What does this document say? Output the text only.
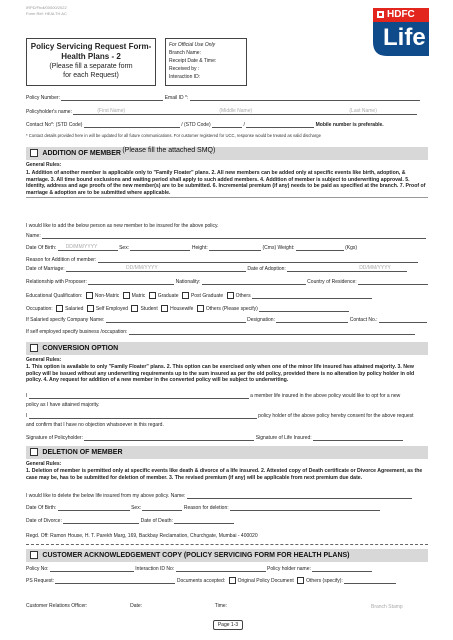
IRPD/Fbdl/00000/2022
Form Ref: HEALTH AC
Policy Servicing Request Form-
Health Plans - 2
(Please fill a separate form
for each Request)
For Official Use Only
Branch Name:
Receipt Date & Time:
Received by :
Interaction ID:
HDFC
Life
Policy Number:	Email ID *:
Policyholder's name:	(First Name)	(Middle Name)	(Last Name)
Contact No*: (STD Code)	/ (STD Code)	/	Mobile number is preferable.
* Contact details provided here in will be updated for all future communications. For customer registered for UCC, response would be treated as valid discharge
ADDITION OF MEMBER (Please fill the attached SMQ)
General Rules:
1. Addition of another member is applicable only to "Family Floater" plans. 2. All new members can be added only at specific events like birth, adoption, & marriage. 3. All time bound exclusions and waiting period shall apply to such added members. 4. Addition of member is subject to underwriting approval. 5. Identity, address and age proofs of the new member(s) are to be submitted. 6. Incremental premium (if any) needs to be paid as specified at the branch. 7. Proof of marriage & adoption are to be submitted where applicable.
I would like to add the below person as new member to be insured for the above policy.
Name:
Date Of Birth: DD/MM/YYYY	Sex:	Height:	(Cms) Weight:	(Kgs)
Reason for Addition of member:
Date of Marriage:	DD/MM/YYYY	Date of Adoption:	DD/MM/YYYY
Relationship with Proposer:	Nationality:	Country of Residence:
Educational Qualification: Non-Matric Matric Graduate Post Graduate Others
Occupation: Salaried Self Employed Student Housewife Others (Please specify)
If Salaried specify Company Name:	Designation:	Contact No.:
If self employed specify business /occupation:
CONVERSION OPTION
General Rules:
1. This option is available to only "Family Floater" plans. 2. This option can be exercised only when one of the minor life insured has attained majority. 3. New policy will be issued without any underwriting requirements up to the sum insured as per the old policy, provided there is no alteration by policy holder in old policy. 4. Any request for addition of a new member in the converted policy will be subject to underwriting.
I	a member life insured in the above policy would like to opt for a new
policy as I have attained majority.
I	policy holder of the above policy hereby consent for the above request
and confirm that I have no objection whatsoever in this regard.
Signature of Policyholder:	Signature of Life Insured:
DELETION OF MEMBER
General Rules:
1. Deletion of member is permitted only at specific events like death & divorce of a life insured. 2. Attested copy of Death certificate or Divorce Agreement, as the case may be, has to be submitted for deletion of member. 3. The revised premium (if any) will be applicable from next premium due date.
I would like to delete the below life insured from my above policy. Name:
Date Of Birth:	Sex:	Reason for deletion:
Date of Divorce:	Date of Death:
Regd. Off: Ramon House, H. T. Parekh Marg, 169, Backbay Reclamation, Churchgate, Mumbai - 400020
CUSTOMER ACKNOWLEDGEMENT COPY (POLICY SERVICING FORM FOR HEALTH PLANS)
Policy No:	Interaction ID No:	Policy holder name:
PS Request:	Documents accepted: Original Policy Document Others (specify):
Customer Relations Officer:	Date:	Time:	Branch Stamp
Page 1-3
